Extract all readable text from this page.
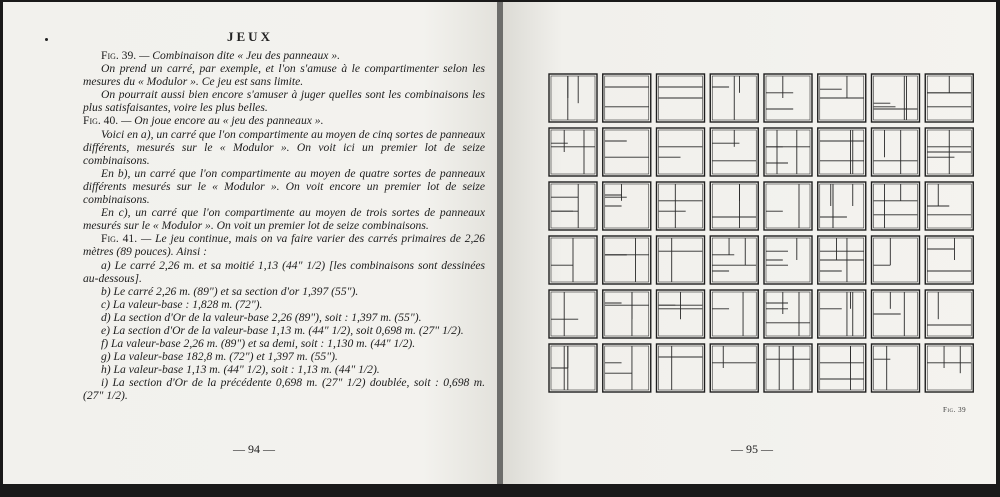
JEUX

Fig. 39. — Combinaison dite « Jeu des panneaux ».

On prend un carré, par exemple, et l'on s'amuse à le compartimenter selon les mesures du « Modulor ». Ce jeu est sans limite.

On pourrait aussi bien encore s'amuser à juger quelles sont les combinaisons les plus satisfaisantes, voire les plus belles.

Fig. 40. — On joue encore au « jeu des panneaux ».

Voici en a), un carré que l'on compartimente au moyen de cinq sortes de panneaux différents, mesurés sur le « Modulor ». On voit ici un premier lot de seize combinaisons.

En b), un carré que l'on compartimente au moyen de quatre sortes de panneaux différents mesurés sur le « Modulor ». On voit encore un premier lot de seize combinaisons.

En c), un carré que l'on compartimente au moyen de trois sortes de panneaux mesurés sur le « Modulor ». On voit un premier lot de seize combinaisons.

Fig. 41. — Le jeu continue, mais on va faire varier des carrés primaires de 2,26 mètres (89 pouces). Ainsi :

a) Le carré 2,26 m. et sa moitié 1,13 (44" 1/2) [les combinaisons sont dessinées au-dessous].

b) Le carré 2,26 m. (89") et sa section d'or 1,397 (55").

c) La valeur-base : 1,828 m. (72").

d) La section d'Or de la valeur-base 2,26 (89"), soit : 1,397 m. (55").

e) La section d'Or de la valeur-base 1,13 m. (44" 1/2), soit 0,698 m. (27" 1/2).

f) La valeur-base 2,26 m. (89") et sa demi, soit : 1,130 m. (44" 1/2).

g) La valeur-base 182,8 m. (72") et 1,397 m. (55").

h) La valeur-base 1,13 m. (44" 1/2), soit : 1,13 m. (44" 1/2).

i) La section d'Or de la précédente 0,698 m. (27" 1/2) doublée, soit : 0,698 m. (27" 1/2).

— 94 —
Fig. 39
— 95 —
